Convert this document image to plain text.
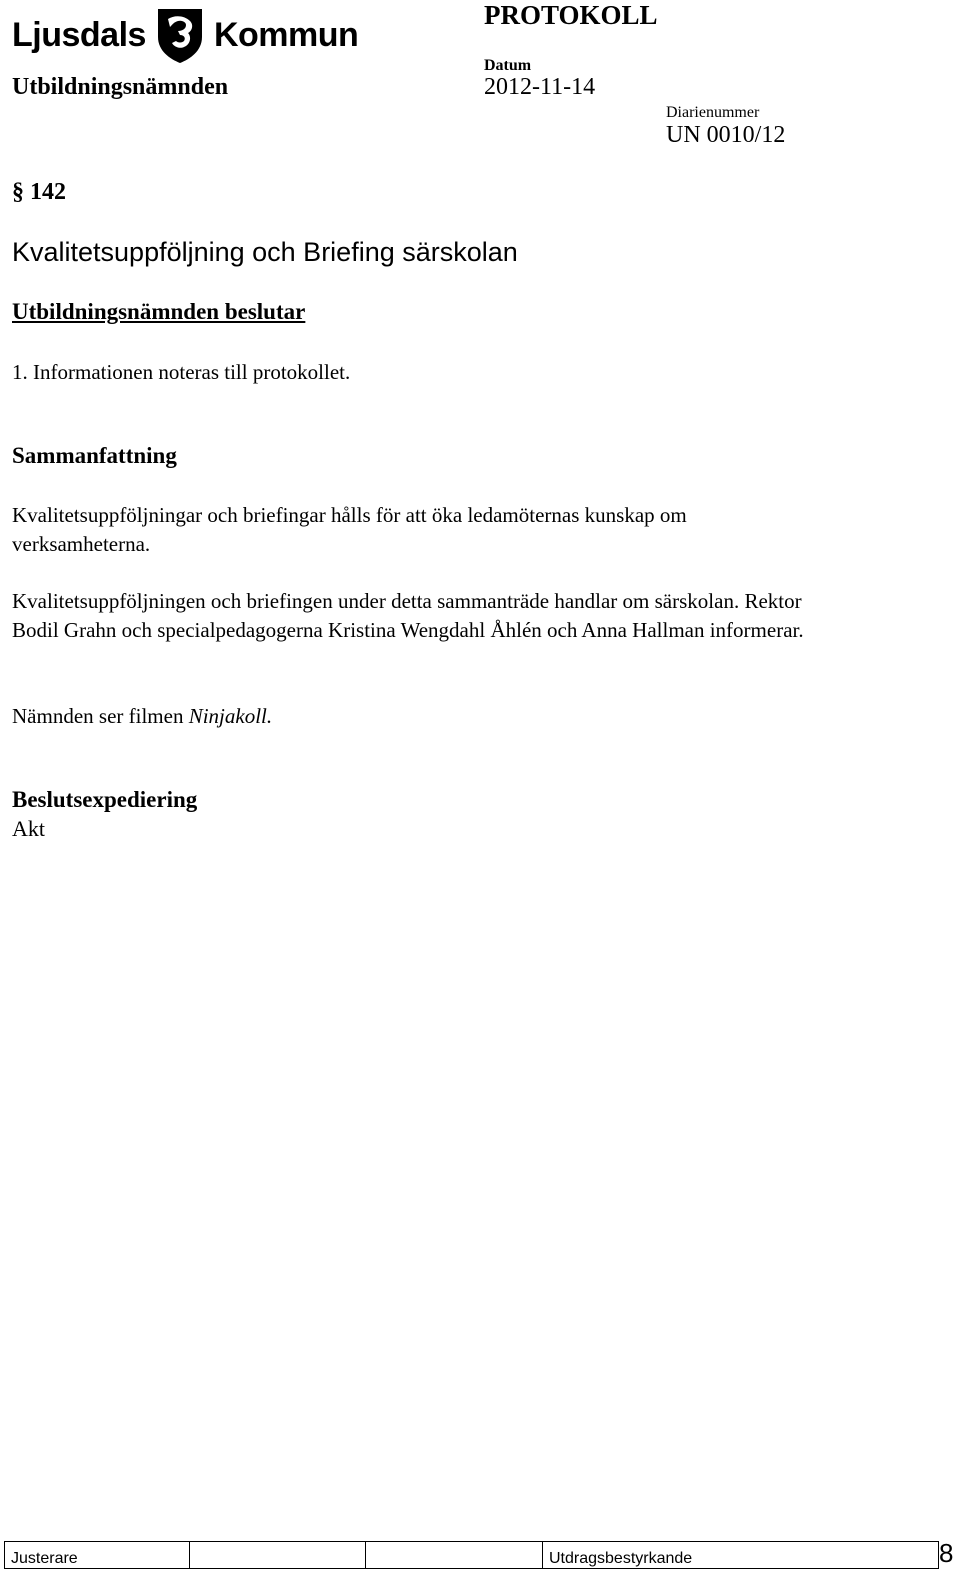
Ljusdals Kommun
PROTOKOLL
Utbildningsnämnden
Datum
2012-11-14
Diarienummer
UN 0010/12
§ 142
Kvalitetsuppföljning och Briefing särskolan
Utbildningsnämnden beslutar
1. Informationen noteras till protokollet.
Sammanfattning
Kvalitetsuppföljningar och briefingar hålls för att öka ledamöternas kunskap om verksamheterna.
Kvalitetsuppföljningen och briefingen under detta sammanträde handlar om särskolan. Rektor Bodil Grahn och specialpedagogerna Kristina Wengdahl Åhlén och Anna Hallman informerar.
Nämnden ser filmen Ninjakoll.
Beslutsexpediering
Akt
Justerare	Utdragsbestyrkande	8
